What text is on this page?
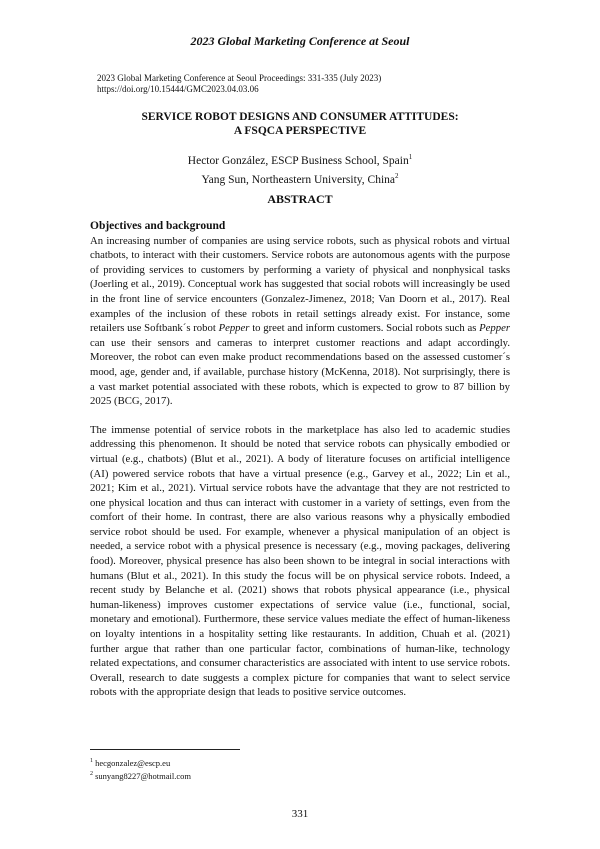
2023 Global Marketing Conference at Seoul
2023 Global Marketing Conference at Seoul Proceedings: 331-335 (July 2023)
https://doi.org/10.15444/GMC2023.04.03.06
SERVICE ROBOT DESIGNS AND CONSUMER ATTITUDES:
A FSQCA PERSPECTIVE
Hector González, ESCP Business School, Spain$^1$
Yang Sun, Northeastern University, China$^2$
ABSTRACT
Objectives and background

An increasing number of companies are using service robots, such as physical robots and virtual chatbots, to interact with their customers. Service robots are autonomous agents with the purpose of providing services to customers by performing a variety of physical and nonphysical tasks (Joerling et al., 2019). Conceptual work has suggested that social robots will increasingly be used in the front line of service encounters (Gonzalez-Jimenez, 2018; Van Doorn et al., 2017). Real examples of the inclusion of these robots in retail settings already exist. For instance, some retailers use Softbank´s robot Pepper to greet and inform customers. Social robots such as Pepper can use their sensors and cameras to interpret customer reactions and adapt accordingly. Moreover, the robot can even make product recommendations based on the assessed customer´s mood, age, gender and, if available, purchase history (McKenna, 2018). Not surprisingly, there is a vast market potential associated with these robots, which is expected to grow to 87 billion by 2025 (BCG, 2017).

The immense potential of service robots in the marketplace has also led to academic studies addressing this phenomenon. It should be noted that service robots can physically embodied or virtual (e.g., chatbots) (Blut et al., 2021). A body of literature focuses on artificial intelligence (AI) powered service robots that have a virtual presence (e.g., Garvey et al., 2022; Lin et al., 2021; Kim et al., 2021). Virtual service robots have the advantage that they are not restricted to one physical location and thus can interact with customer in a variety of settings, even from the comfort of their home. In contrast, there are also various reasons why a physically embodied service robot should be used. For example, whenever a physical manipulation of an object is needed, a service robot with a physical presence is necessary (e.g., moving packages, delivering food). Moreover, physical presence has also been shown to be integral in social interactions with humans (Blut et al., 2021). In this study the focus will be on physical service robots. Indeed, a recent study by Belanche et al. (2021) shows that robots physical appearance (i.e., physical human-likeness) improves customer expectations of service value (i.e., functional, social, monetary and emotional). Furthermore, these service values mediate the effect of human-likeness on loyalty intentions in a hospitality setting like restaurants. In addition, Chuah et al. (2021) further argue that rather than one particular factor, combinations of human-like, technology related expectations, and consumer characteristics are associated with intent to use service robots. Overall, research to date suggests a complex picture for companies that want to select service robots with the appropriate design that leads to positive service outcomes.

$^1$ hecgonzalez@escp.eu
$^2$ sunyang8227@hotmail.com
331
